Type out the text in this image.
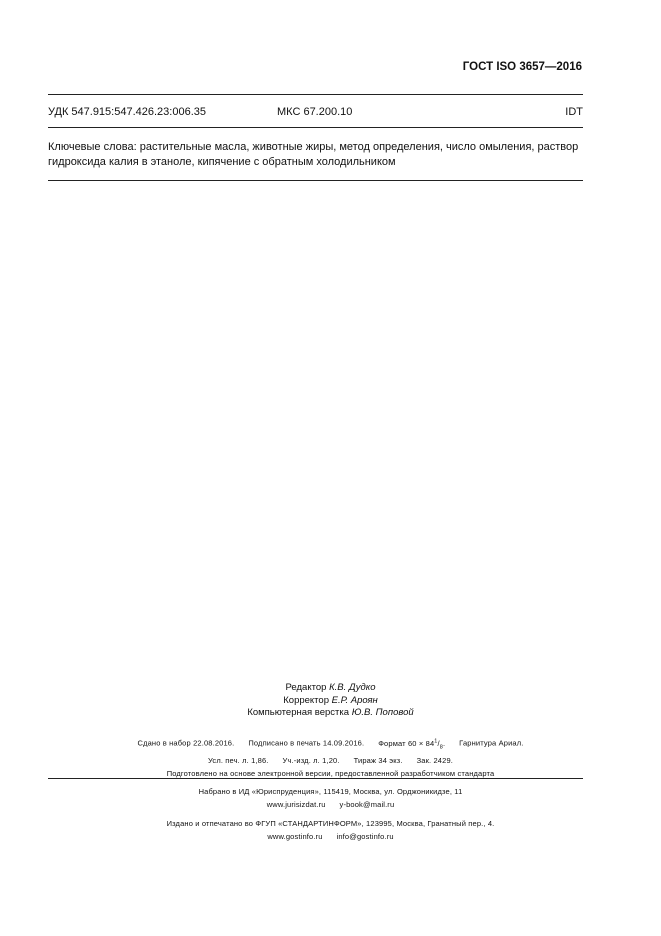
ГОСТ ISO 3657—2016
УДК 547.915:547.426.23:006.35	МКС 67.200.10	IDT
Ключевые слова: растительные масла, животные жиры, метод определения, число омыления, раствор
гидроксида калия в этаноле, кипячение с обратным холодильником
Редактор К.В. Дудко
Корректор Е.Р. Ароян
Компьютерная верстка Ю.В. Поповой
Сдано в набор 22.08.2016. Подписано в печать 14.09.2016. Формат $60 \times 84^1/_8$. Гарнитура Ариал.
Усл. печ. л. 1,86. Уч.-изд. л. 1,20. Тираж 34 экз. Зак. 2429.
Подготовлено на основе электронной версии, предоставленной разработчиком стандарта
Набрано в ИД «Юриспруденция», 115419, Москва, ул. Орджоникидзе, 11
www.jurisizdat.ru y-book@mail.ru
Издано и отпечатано во ФГУП «СТАНДАРТИНФОРМ», 123995, Москва, Гранатный пер., 4.
www.gostinfo.ru info@gostinfo.ru
